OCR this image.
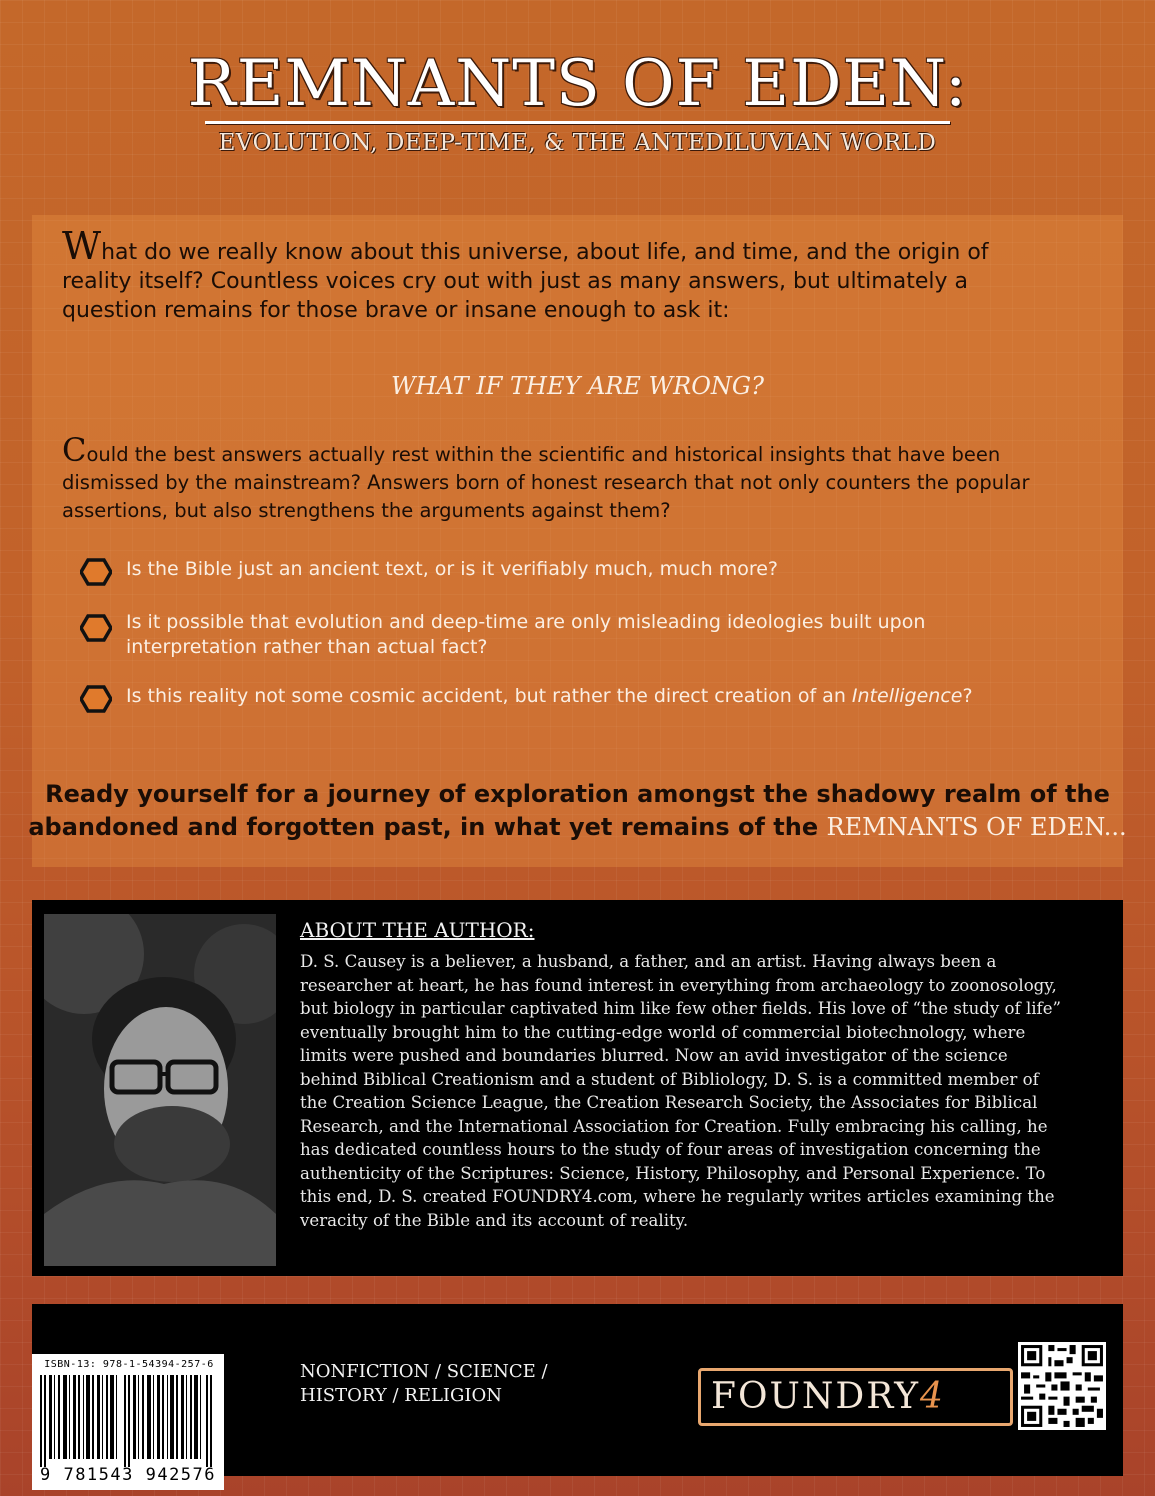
REMNANTS OF EDEN:
EVOLUTION, DEEP-TIME, & THE ANTEDILUVIAN WORLD
What do we really know about this universe, about life, and time, and the origin of
reality itself? Countless voices cry out with just as many answers, but ultimately a
question remains for those brave or insane enough to ask it:
WHAT IF THEY ARE WRONG?
Could the best answers actually rest within the scientific and historical insights that have been
dismissed by the mainstream? Answers born of honest research that not only counters the popular
assertions, but also strengthens the arguments against them?
Is the Bible just an ancient text, or is it verifiably much, much more?
Is it possible that evolution and deep-time are only misleading ideologies built upon
interpretation rather than actual fact?
Is this reality not some cosmic accident, but rather the direct creation of an Intelligence?
Ready yourself for a journey of exploration amongst the shadowy realm of the
abandoned and forgotten past, in what yet remains of the REMNANTS OF EDEN...
ABOUT THE AUTHOR:
D. S. Causey is a believer, a husband, a father, and an artist. Having always been a
researcher at heart, he has found interest in everything from archaeology to zoonosology,
but biology in particular captivated him like few other fields. His love of “the study of life”
eventually brought him to the cutting-edge world of commercial biotechnology, where
limits were pushed and boundaries blurred. Now an avid investigator of the science
behind Biblical Creationism and a student of Bibliology, D. S. is a committed member of
the Creation Science League, the Creation Research Society, the Associates for Biblical
Research, and the International Association for Creation. Fully embracing his calling, he
has dedicated countless hours to the study of four areas of investigation concerning the
authenticity of the Scriptures: Science, History, Philosophy, and Personal Experience. To
this end, D. S. created FOUNDRY4.com, where he regularly writes articles examining the
veracity of the Bible and its account of reality.
ISBN-13: 978-1-54394-257-6
9 781543 942576
NONFICTION / SCIENCE /
HISTORY / RELIGION	FOUNDRY4
